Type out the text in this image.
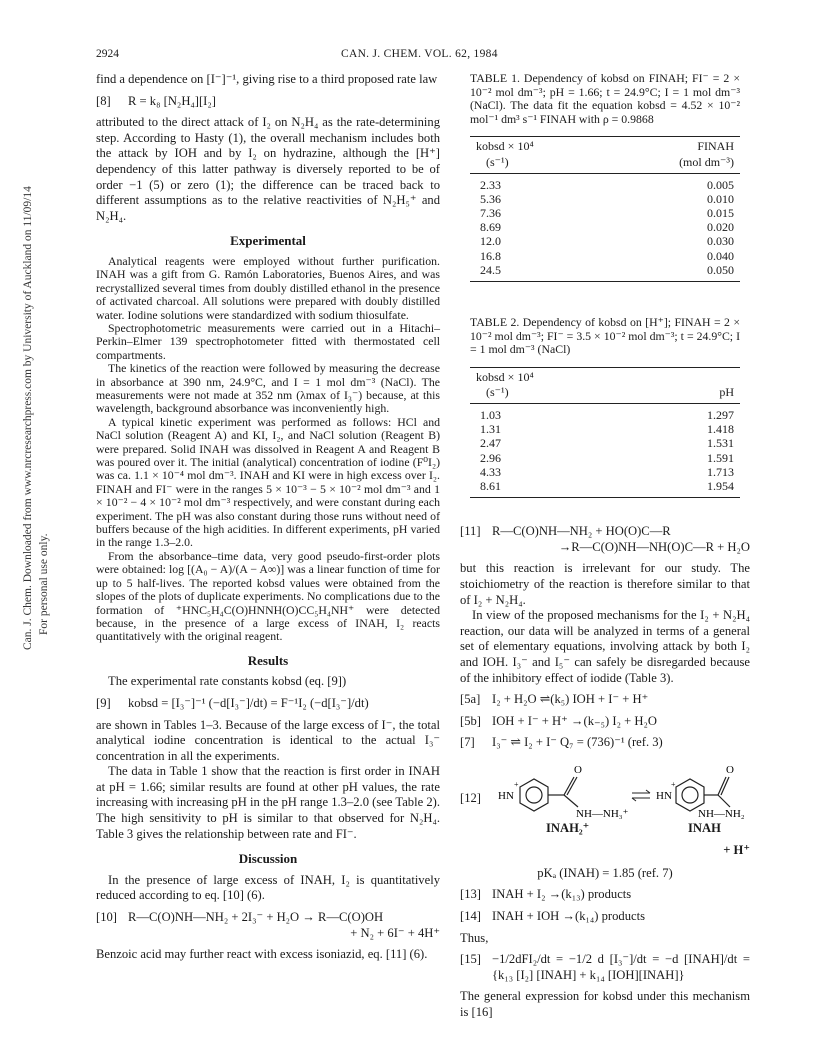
Can. J. Chem. Downloaded from www.nrcresearchpress.com by University of Auckland on 11/09/14 For personal use only.
2924	CAN. J. CHEM. VOL. 62, 1984

find a dependence on [I⁻]⁻¹, giving rise to a third proposed rate law

[8]	R = k₈ [N₂H₄][I₂]

attributed to the direct attack of I₂ on N₂H₄ as the rate-determining step. According to Hasty (1), the overall mechanism includes both the attack by IOH and by I₂ on hydrazine, although the [H⁺] dependency of this latter pathway is diversely reported to be of order −1 (5) or zero (1); the difference can be traced back to different assumptions as to the relative reactivities of N₂H₅⁺ and N₂H₄.

Experimental

Analytical reagents were employed without further purification. INAH was a gift from G. Ramón Laboratories, Buenos Aires, and was recrystallized several times from doubly distilled ethanol in the presence of activated charcoal. All solutions were prepared with doubly distilled water. Iodine solutions were standardized with sodium thiosulfate.

Spectrophotometric measurements were carried out in a Hitachi–Perkin–Elmer 139 spectrophotometer fitted with thermostated cell compartments.

The kinetics of the reaction were followed by measuring the decrease in absorbance at 390 nm, 24.9°C, and I = 1 mol dm⁻³ (NaCl). The measurements were not made at 352 nm (λmax of I₃⁻) because, at this wavelength, background absorbance was inconveniently high.

A typical kinetic experiment was performed as follows: HCl and NaCl solution (Reagent A) and KI, I₂, and NaCl solution (Reagent B) were prepared. Solid INAH was dissolved in Reagent A and Reagent B was poured over it. The initial (analytical) concentration of iodine (F⁰I₂) was ca. 1.1 × 10⁻⁴ mol dm⁻³. INAH and KI were in high excess over I₂. FINAH and FI⁻ were in the ranges 5 × 10⁻³ − 5 × 10⁻² mol dm⁻³ and 1 × 10⁻² − 4 × 10⁻² mol dm⁻³ respectively, and were constant during each experiment. The pH was also constant during those runs without need of buffers because of the high acidities. In different experiments, pH varied in the range 1.3–2.0.

From the absorbance–time data, very good pseudo-first-order plots were obtained: log [(A₀ − A)/(A − A∞)] was a linear function of time for up to 5 half-lives. The reported kobsd values were obtained from the slopes of the plots of duplicate experiments. No complications due to the formation of ⁺HNC₅H₄C(O)HNNH(O)CC₅H₄NH⁺ were detected because, in the presence of a large excess of INAH, I₂ reacts quantitatively with the original reagent.

Results

The experimental rate constants kobsd (eq. [9])

[9]	kobsd = [I₃⁻]⁻¹ (−d[I₃⁻]/dt) = F⁻¹I₂ (−d[I₃⁻]/dt)

are shown in Tables 1–3. Because of the large excess of I⁻, the total analytical iodine concentration is identical to the actual I₃⁻ concentration in all the experiments.

The data in Table 1 show that the reaction is first order in INAH at pH = 1.66; similar results are found at other pH values, the rate increasing with increasing pH in the pH range 1.3–2.0 (see Table 2). The high sensitivity to pH is similar to that observed for N₂H₄. Table 3 gives the relationship between rate and FI⁻.

Discussion

In the presence of large excess of INAH, I₂ is quantitatively reduced according to eq. [10] (6).

[10] R—C(O)NH—NH₂ + 2I₃⁻ + H₂O → R—C(O)OH
+ N₂ + 6I⁻ + 4H⁺

Benzoic acid may further react with excess isoniazid, eq. [11] (6).

TABLE 1. Dependency of kobsd on FINAH; FI⁻ = 2 × 10⁻² mol dm⁻³; pH = 1.66; t = 24.9°C; I = 1 mol dm⁻³ (NaCl). The data fit the equation kobsd = 4.52 × 10⁻² mol⁻¹ dm³ s⁻¹ FINAH with ρ = 0.9868

kobsd × 10⁴
(s⁻¹)	FINAH
(mol dm⁻³)
2.33	0.005
5.36	0.010
7.36	0.015
8.69	0.020
12.0	0.030
16.8	0.040
24.5	0.050

TABLE 2. Dependency of kobsd on [H⁺]; FINAH = 2 × 10⁻² mol dm⁻³; FI⁻ = 3.5 × 10⁻² mol dm⁻³; t = 24.9°C; I = 1 mol dm⁻³ (NaCl)

kobsd × 10⁴
(s⁻¹)	pH
1.03	1.297
1.31	1.418
2.47	1.531
2.96	1.591
4.33	1.713
8.61	1.954
[11] R—C(O)NH—NH₂ + HO(O)C—R
→R—C(O)NH—NH(O)C—R + H₂O

but this reaction is irrelevant for our study. The stoichiometry of the reaction is therefore similar to that of I₂ + N₂H₄.

In view of the proposed mechanisms for the I₂ + N₂H₄ reaction, our data will be analyzed in terms of a general set of elementary equations, involving attack by both I₂ and IOH. I₃⁻ and I₅⁻ can safely be disregarded because of the inhibitory effect of iodide (Table 3).

[5a] I₂ + H₂O ⇌(k₅) IOH + I⁻ + H⁺
[5b] IOH + I⁻ + H⁺ →(k₋₅) I₂ + H₂O
[7]	I₃⁻ ⇌ I₂ + I⁻ Q₇ = (736)⁻¹ (ref. 3)
[12] HN
+
O
NH—NH₃⁺
HN
+
O
NH—NH₂
INAH₂⁺	INAH
+ H⁺
pKₐ (INAH) = 1.85 (ref. 7)
[13] INAH + I₂ →(k₁₃) products
[14] INAH + IOH →(k₁₄) products

Thus,

[15] −1/2dFI₂/dt = −1/2 d [I₃⁻]/dt = −d [INAH]/dt = {k₁₃ [I₂] [INAH] + k₁₄ [IOH][INAH]}

The general expression for kobsd under this mechanism is [16]
